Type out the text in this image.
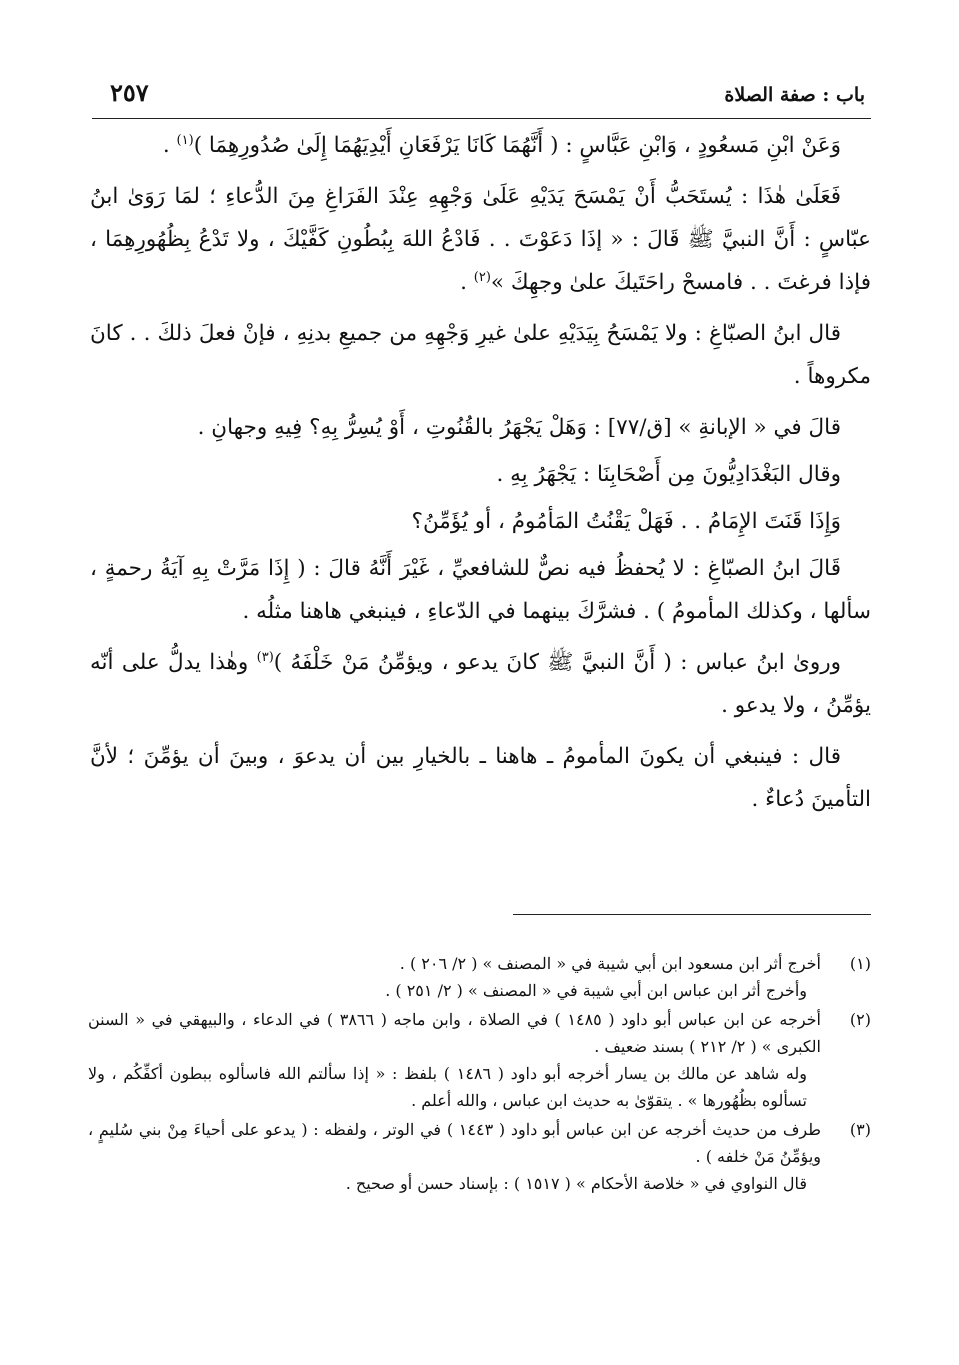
باب : صفة الصلاة
٢٥٧

وَعَنْ ابْنِ مَسعُودٍ ، وَابْنِ عَبَّاسٍ : ( أَنَّهُمَا كَانَا يَرْفَعَانِ أَيْدِيَهُمَا إِلَىٰ صُدُورِهِمَا )$^{(١)}$ .

فَعَلَىٰ هٰذَا : يُستَحَبُّ أَنْ يَمْسَحَ يَدَيْهِ عَلَىٰ وَجْهِهِ عِنْدَ الفَرَاغِ مِنَ الدُّعاءِ ؛ لمَا رَوَىٰ ابنُ عبّاسٍ : أَنَّ النبيَّ ﷺ قَالَ : « إذَا دَعَوْتَ . . فَادْعُ اللهَ بِبُطُونِ كَفَّيْكَ ، ولا تَدْعُ بِظُهُورِهِمَا ، فإذا فرغتَ . . فامسحْ راحَتَيكَ علىٰ وجهِكَ »$^{(٢)}$ .

قال ابنُ الصبّاغِ : ولا يَمْسَحُ بِيَدَيْهِ علىٰ غيرِ وَجْهِهِ من جميعِ بدنِهِ ، فإنْ فعلَ ذلكَ . . كانَ مكروهاً .

قالَ في « الإبانةِ » [ق/٧٧] : وَهَلْ يَجْهَرُ بالقُنُوتِ ، أَوْ يُسِرُّ بِهِ؟ فِيهِ وجهانِ .

وقال البَغْدَادِيُّونَ مِن أَصْحَابِنَا : يَجْهَرُ بِهِ .

وَإِذَا قَنَتَ الإِمَامُ . . فَهَلْ يَقْنُتُ المَأمُومُ ، أو يُؤَمِّنُ؟

قَالَ ابنُ الصبّاغِ : لا يُحفظُ فيه نصٌّ للشافعيِّ ، غَيْرَ أَنَّهُ قالَ : ( إِذَا مَرَّتْ بِهِ آيَةُ رحمةٍ ، سألها ، وكذلك المأمومُ ) . فشرَّكَ بينهما في الدّعاءِ ، فينبغي هاهنا مثلُه .

وروىٰ ابنُ عباس : ( أَنَّ النبيَّ ﷺ كانَ يدعو ، ويؤمِّنُ مَنْ خَلْفَهُ )$^{(٣)}$ وهٰذا يدلُّ على أنّه يؤمِّنُ ، ولا يدعو .

قال : فينبغي أن يكونَ المأمومُ ـ هاهنا ـ بالخيارِ بين أن يدعوَ ، وبينَ أن يؤمِّنَ ؛ لأنَّ التأمينَ دُعاءٌ .

(١)
أخرج أثر ابن مسعود ابن أبي شيبة في « المصنف » ( ٢/ ٢٠٦ ) .
وأخرج أثر ابن عباس ابن أبي شيبة في « المصنف » ( ٢/ ٢٥١ ) .
(٢)
أخرجه عن ابن عباس أبو داود ( ١٤٨٥ ) في الصلاة ، وابن ماجه ( ٣٨٦٦ ) في الدعاء ، والبيهقي في « السنن الكبرى » ( ٢/ ٢١٢ ) بسند ضعيف .
وله شاهد عن مالك بن يسار أخرجه أبو داود ( ١٤٨٦ ) بلفظ : « إذا سألتم الله فاسألوه ببطون أكفِّكُم ، ولا تسألوه بظُهُورها » . يتقوّىٰ به حديث ابن عباس ، والله أعلم .
(٣)
طرف من حديث أخرجه عن ابن عباس أبو داود ( ١٤٤٣ ) في الوتر ، ولفظه : ( يدعو على أحياءَ مِنْ بني سُليمٍ ، ويؤمِّنُ مَنْ خلفه ) .
قال النواوي في « خلاصة الأحكام » ( ١٥١٧ ) : بإسناد حسن أو صحيح .
